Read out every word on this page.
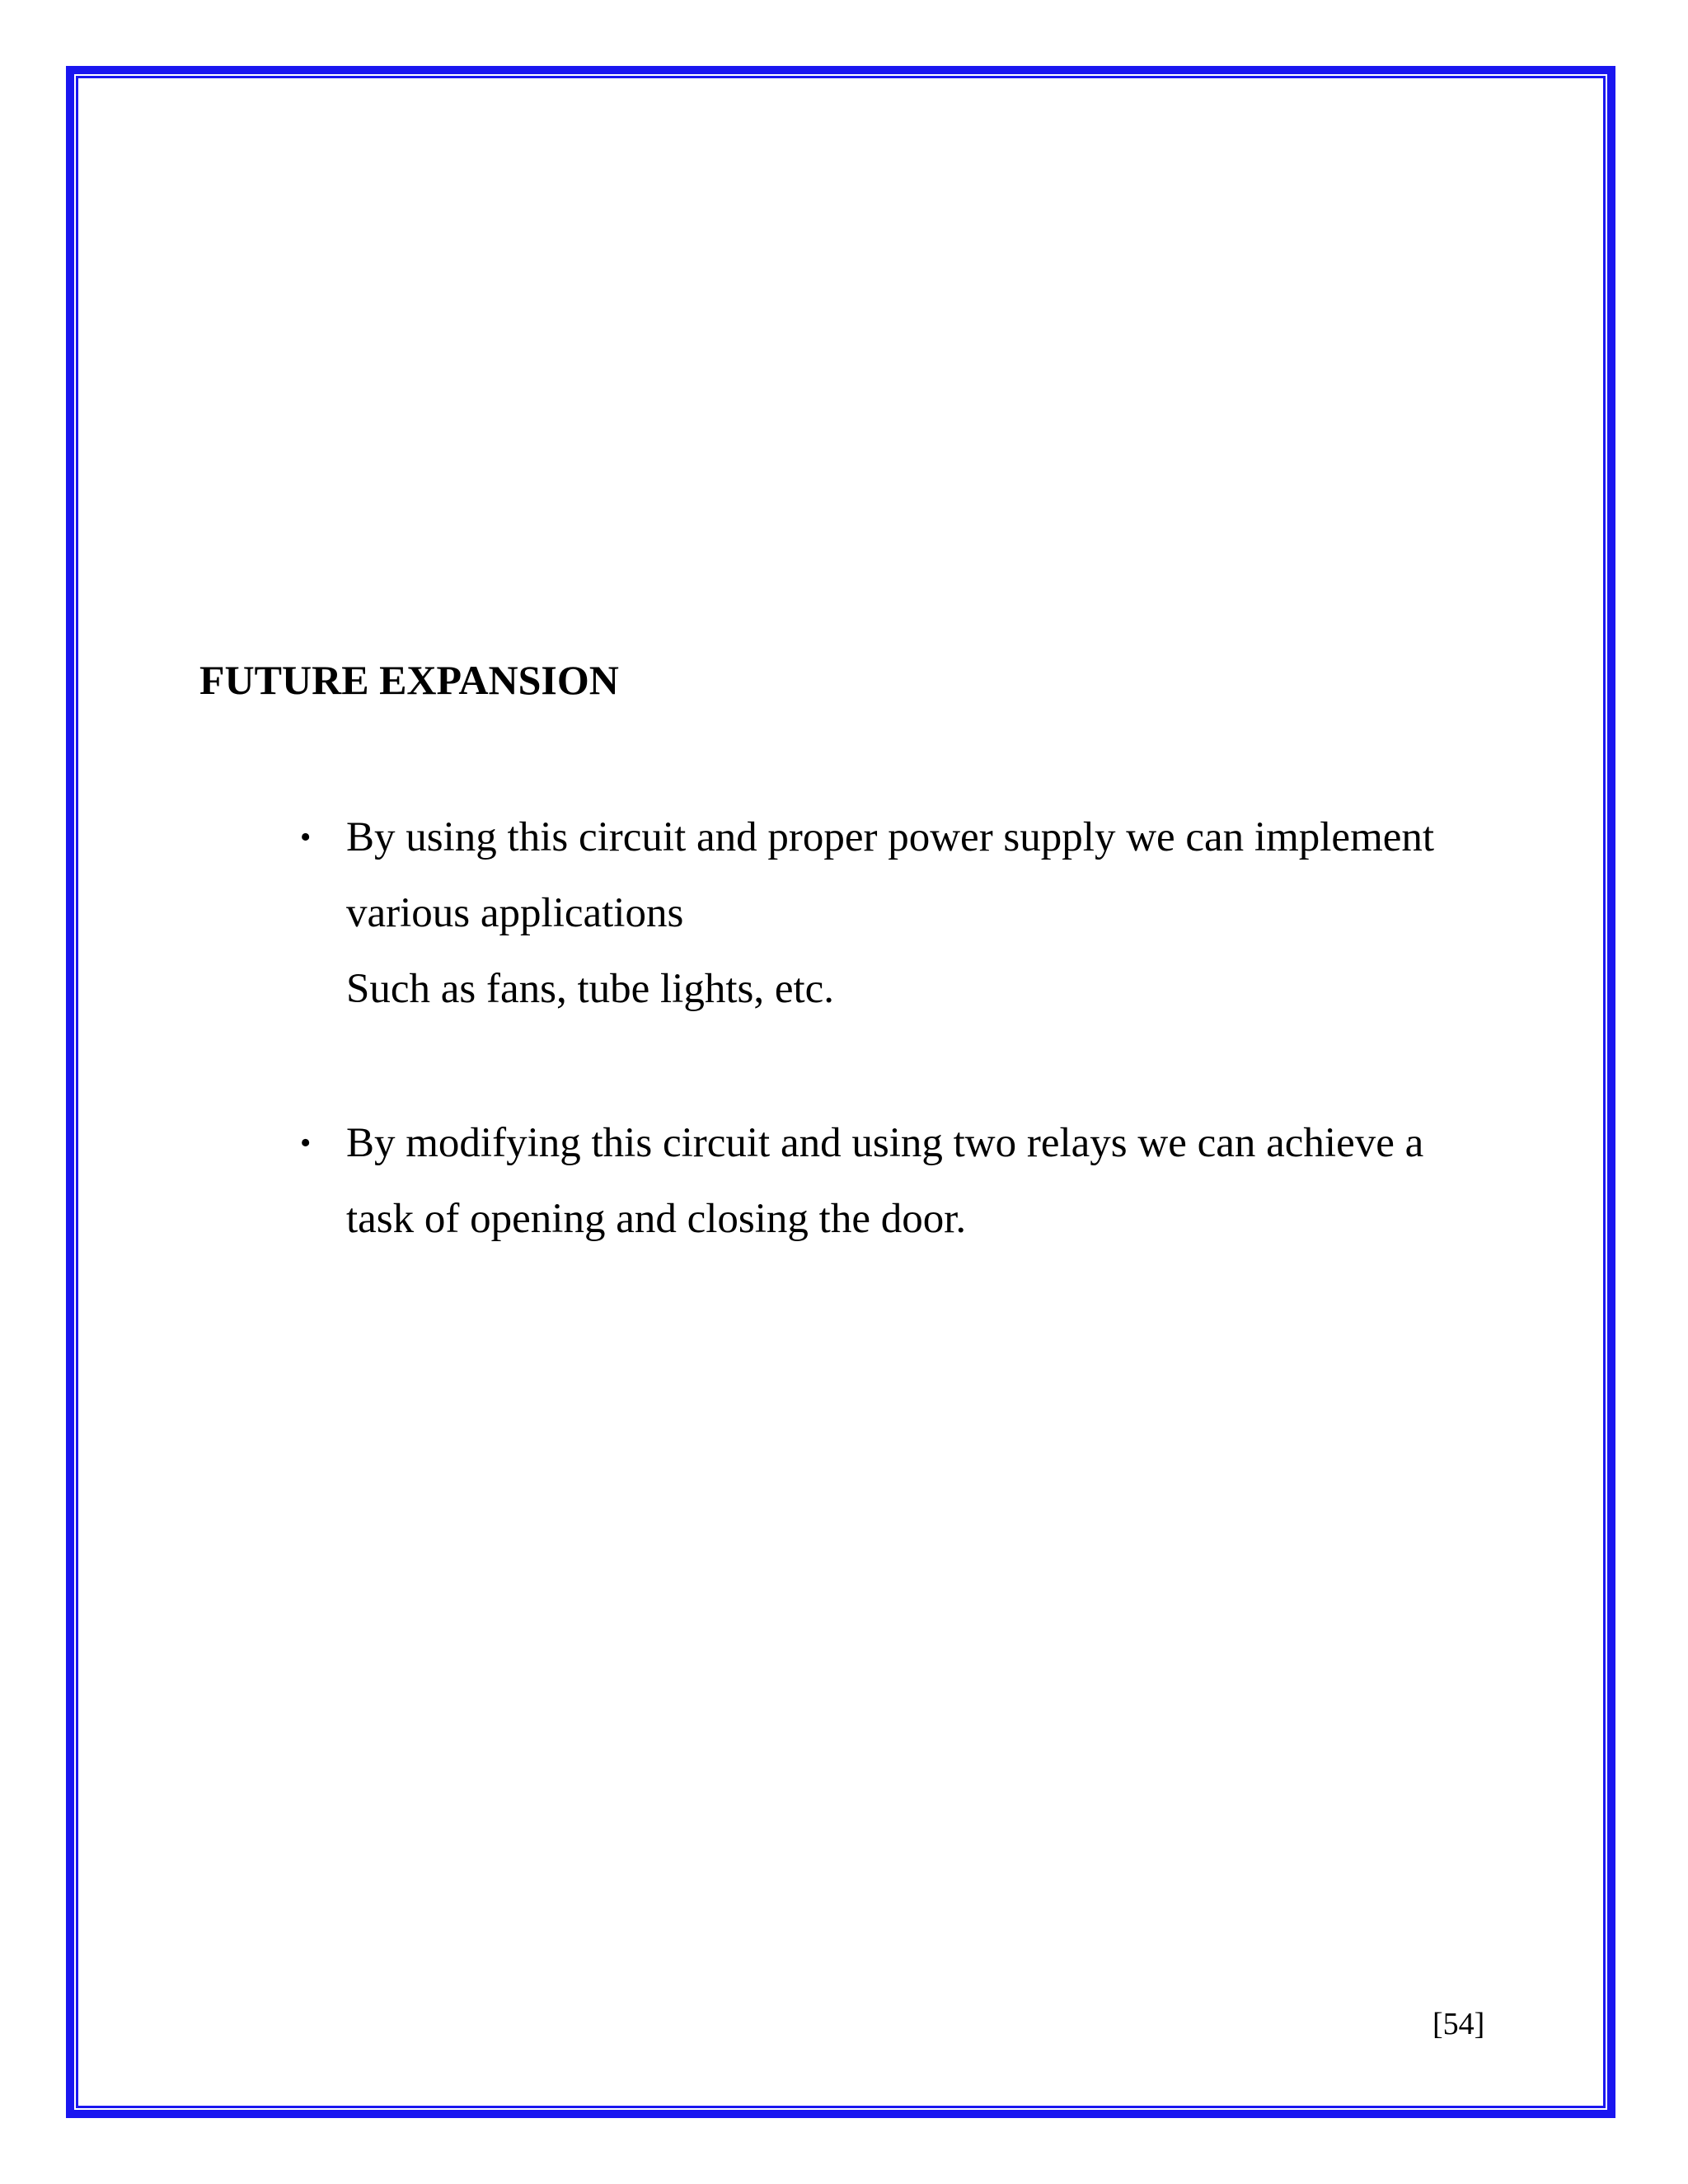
FUTURE EXPANSION
• By using this circuit and proper power supply we can implement

various applications

Such as fans, tube lights, etc.

• By modifying this circuit and using two relays we can achieve a

task of opening and closing the door.

[54]
